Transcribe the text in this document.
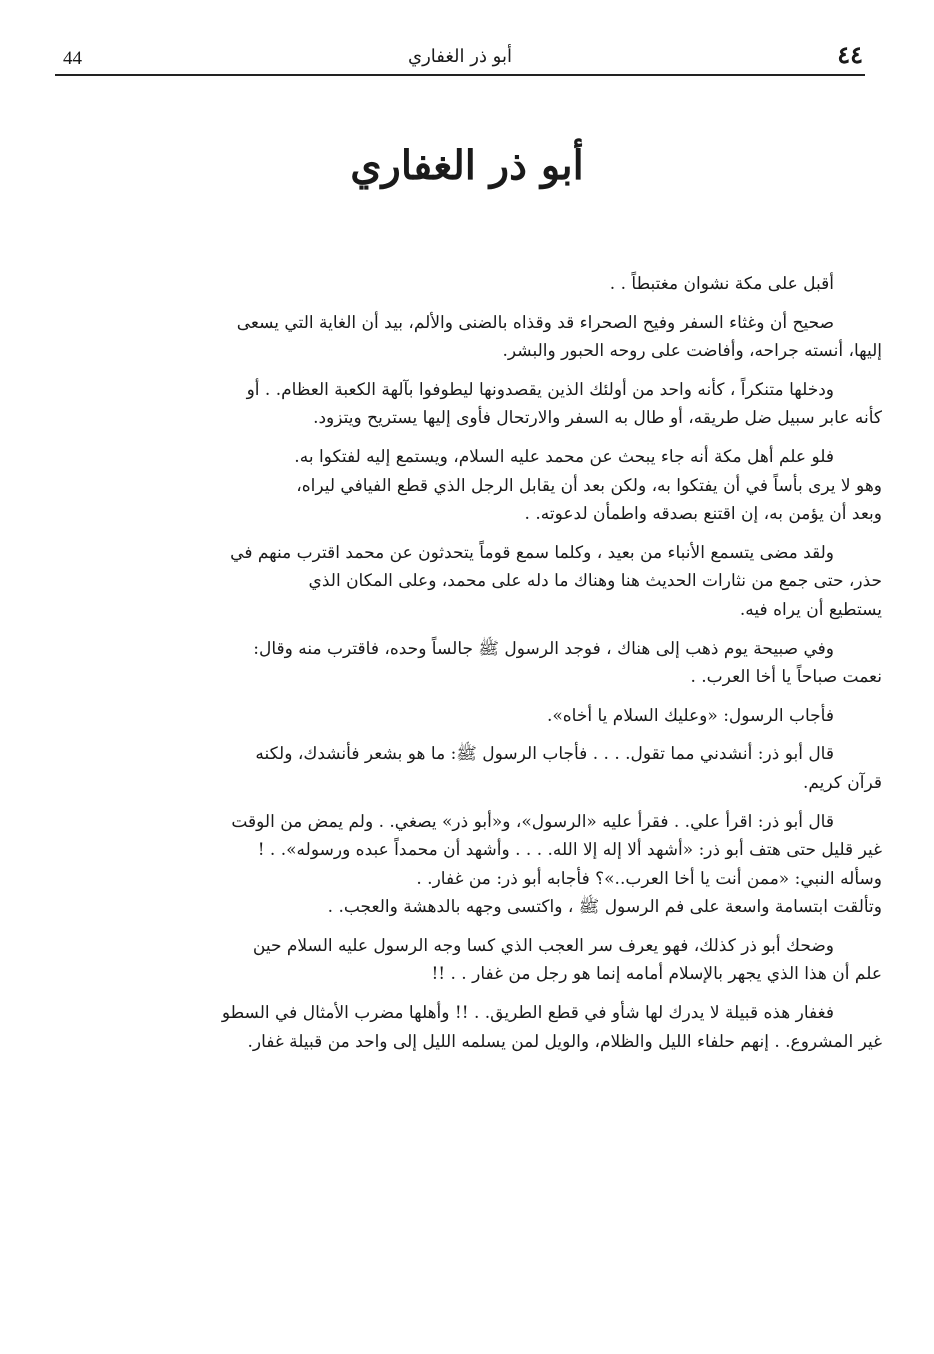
44	أبو ذر الغفاري	٤٤
أبو ذر الغفاري
أقبل على مكة نشوان مغتبطاً . .
صحيح أن وغثاء السفر وفيح الصحراء قد وقذاه بالضنى والألم، بيد أن الغاية التي يسعى
إليها، أنسته جراحه، وأفاضت على روحه الحبور والبشر.
ودخلها متنكراً ، كأنه واحد من أولئك الذين يقصدونها ليطوفوا بآلهة الكعبة العظام. . أو
كأنه عابر سبيل ضل طريقه، أو طال به السفر والارتحال فأوى إليها يستريح ويتزود.
فلو علم أهل مكة أنه جاء يبحث عن محمد عليه السلام، ويستمع إليه لفتكوا به.
وهو لا يرى بأساً في أن يفتكوا به، ولكن بعد أن يقابل الرجل الذي قطع الفيافي ليراه،
وبعد أن يؤمن به، إن اقتنع بصدقه واطمأن لدعوته. .
ولقد مضى يتسمع الأنباء من بعيد ، وكلما سمع قوماً يتحدثون عن محمد اقترب منهم في
حذر، حتى جمع من نثارات الحديث هنا وهناك ما دله على محمد، وعلى المكان الذي
يستطيع أن يراه فيه.
وفي صبيحة يوم ذهب إلى هناك ، فوجد الرسول ﷺ جالساً وحده، فاقترب منه وقال:
نعمت صباحاً يا أخا العرب. .
فأجاب الرسول: «وعليك السلام يا أخاه».
قال أبو ذر: أنشدني مما تقول. . . . فأجاب الرسول ﷺ: ما هو بشعر فأنشدك، ولكنه
قرآن كريم.
قال أبو ذر: اقرأ علي. . فقرأ عليه «الرسول»، و«أبو ذر» يصغي. . ولم يمض من الوقت
غير قليل حتى هتف أبو ذر: «أشهد ألا إله إلا الله. . . . وأشهد أن محمداً عبده ورسوله». . !
وسأله النبي: «ممن أنت يا أخا العرب..»؟ فأجابه أبو ذر: من غفار. .
وتألقت ابتسامة واسعة على فم الرسول ﷺ ، واكتسى وجهه بالدهشة والعجب. .
وضحك أبو ذر كذلك، فهو يعرف سر العجب الذي كسا وجه الرسول عليه السلام حين
علم أن هذا الذي يجهر بالإسلام أمامه إنما هو رجل من غفار . . !!
فغفار هذه قبيلة لا يدرك لها شأو في قطع الطريق. . !! وأهلها مضرب الأمثال في السطو
غير المشروع. . إنهم حلفاء الليل والظلام، والويل لمن يسلمه الليل إلى واحد من قبيلة غفار.
